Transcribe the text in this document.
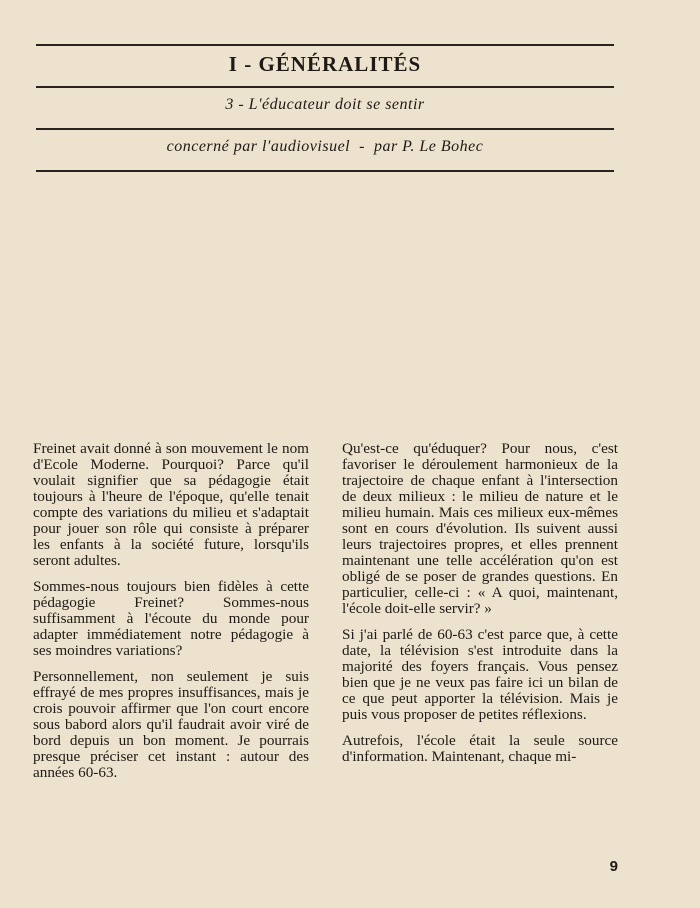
I - GÉNÉRALITÉS
3 - L'éducateur doit se sentir
concerné par l'audiovisuel  -  par P. Le Bohec

Freinet avait donné à son mouvement le nom d'Ecole Moderne. Pourquoi? Parce qu'il voulait signifier que sa pédagogie était toujours à l'heure de l'époque, qu'elle tenait compte des variations du milieu et s'adaptait pour jouer son rôle qui consiste à préparer les enfants à la société future, lorsqu'ils seront adultes.

Sommes-nous toujours bien fidèles à cette pédagogie Freinet? Sommes-nous suffisamment à l'écoute du monde pour adapter immédiatement notre pédagogie à ses moindres variations?

Personnellement, non seulement je suis effrayé de mes propres insuffisances, mais je crois pouvoir affirmer que l'on court encore sous babord alors qu'il faudrait avoir viré de bord depuis un bon moment. Je pourrais presque préciser cet instant : autour des années 60-63.

Qu'est-ce qu'éduquer? Pour nous, c'est favoriser le déroulement harmonieux de la trajectoire de chaque enfant à l'intersection de deux milieux : le milieu de nature et le milieu humain. Mais ces milieux eux-mêmes sont en cours d'évolution. Ils suivent aussi leurs trajectoires propres, et elles prennent maintenant une telle accélération qu'on est obligé de se poser de grandes questions. En particulier, celle-ci : « A quoi, maintenant, l'école doit-elle servir? »

Si j'ai parlé de 60-63 c'est parce que, à cette date, la télévision s'est introduite dans la majorité des foyers français. Vous pensez bien que je ne veux pas faire ici un bilan de ce que peut apporter la télévision. Mais je puis vous proposer de petites réflexions.

Autrefois, l'école était la seule source d'information. Maintenant, chaque mi-

9
